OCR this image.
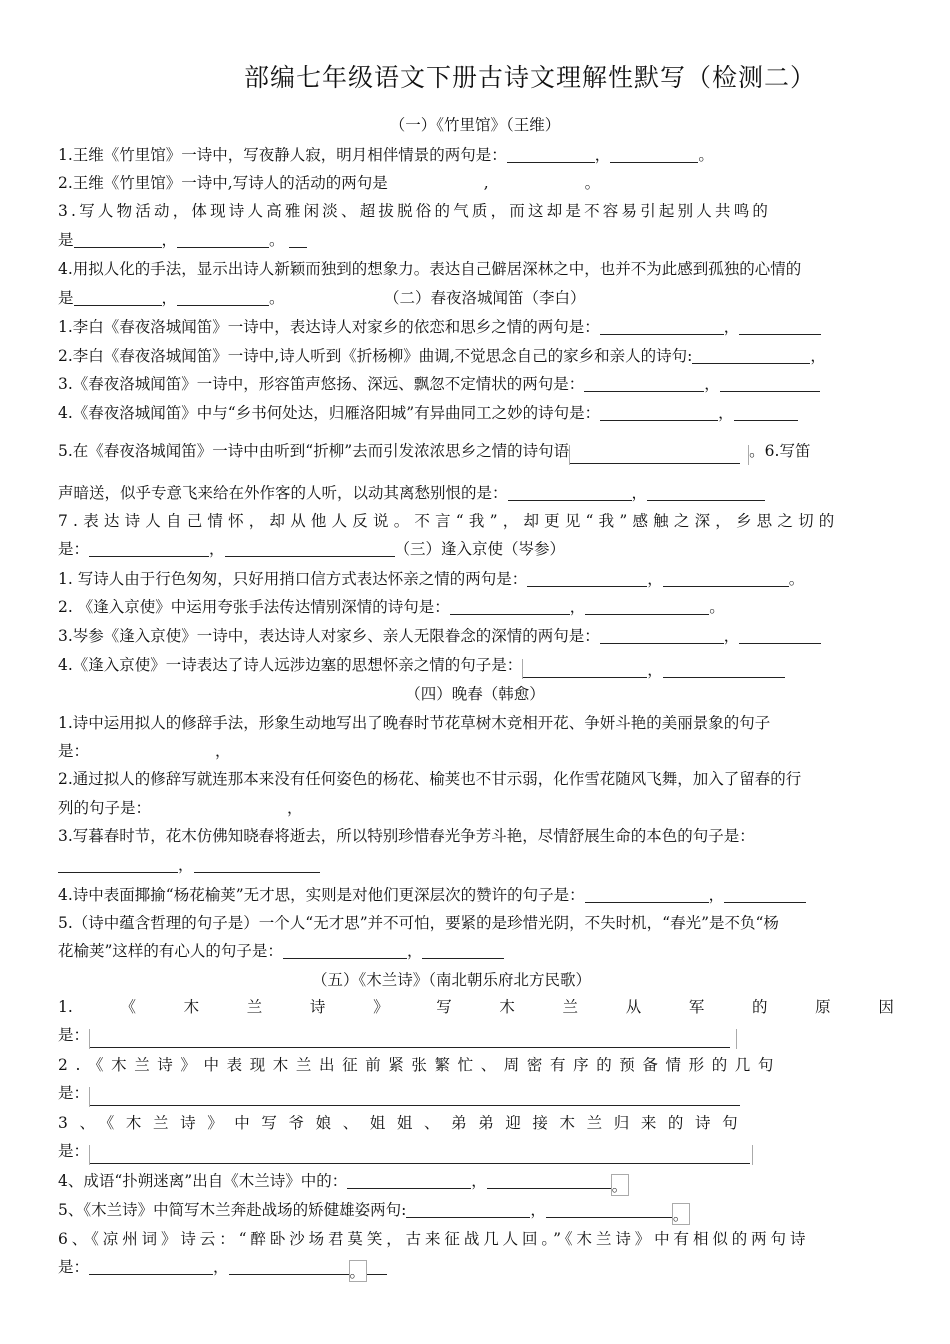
部编七年级语文下册古诗文理解性默写（检测二）
（一）《竹里馆》（王维）
1.王维《竹里馆》一诗中，写夜静人寂，明月相伴情景的两句是：	，	。
2.王维《竹里馆》一诗中,写诗人的活动的两句是	,	。
3.写人物活动，体现诗人高雅闲淡、超拔脱俗的气质，而这却是不容易引起别人共鸣的
是	，	。
4.用拟人化的手法，显示出诗人新颖而独到的想象力。表达自己僻居深林之中，也并不为此感到孤独的心情的
是	，	。	（二）春夜洛城闻笛（李白）
1.李白《春夜洛城闻笛》一诗中，表达诗人对家乡的依恋和思乡之情的两句是：	，
2.李白《春夜洛城闻笛》一诗中,诗人听到《折杨柳》曲调,不觉思念自己的家乡和亲人的诗句:	，
3.《春夜洛城闻笛》一诗中，形容笛声悠扬、深远、飘忽不定情状的两句是：	，
4.《春夜洛城闻笛》中与“乡书何处达，归雁洛阳城”有异曲同工之妙的诗句是：	，
5.在《春夜洛城闻笛》一诗中由听到“折柳”去而引发浓浓思乡之情的诗句语	。6.写笛
声暗送，似乎专意飞来给在外作客的人听，以动其离愁别恨的是：	，
7.表达诗人自己情怀，却从他人反说。不言“我”，却更见“我”感触之深，乡思之切的
是：	，	（三）逢入京使（岑参）
1. 写诗人由于行色匆匆，只好用捎口信方式表达怀亲之情的两句是：	，	。
2. 《逢入京使》中运用夸张手法传达情别深情的诗句是：	，	。
3.岑参《逢入京使》一诗中，表达诗人对家乡、亲人无限眷念的深情的两句是：	，
4.《逢入京使》一诗表达了诗人远涉边塞的思想怀亲之情的句子是：	，
（四）晚春（韩愈）
1.诗中运用拟人的修辞手法，形象生动地写出了晚春时节花草树木竞相开花、争妍斗艳的美丽景象的句子
是：	，
2.通过拟人的修辞写就连那本来没有任何姿色的杨花、榆荚也不甘示弱，化作雪花随风飞舞，加入了留春的行
列的句子是：	，
3.写暮春时节，花木仿佛知晓春将逝去，所以特别珍惜春光争芳斗艳，尽情舒展生命的本色的句子是：
，
4.诗中表面揶揄“杨花榆荚”无才思，实则是对他们更深层次的赞许的句子是：	，
5.（诗中蕴含哲理的句子是）一个人“无才思”并不可怕，要紧的是珍惜光阴，不失时机，“春光”是不负“杨
花榆荚”这样的有心人的句子是：	，
（五）《木兰诗》（南北朝乐府北方民歌）
1.	《	木	兰	诗	》	写	木	兰	从	军	的	原	因
是：
2.《木兰诗》中表现木兰出征前紧张繁忙、周密有序的预备情形的几句
是：
3、《木兰诗》中写爷娘、姐姐、弟弟迎接木兰归来的诗句
是：
4、成语“扑朔迷离”出自《木兰诗》中的：	，	。
5、《木兰诗》中简写木兰奔赴战场的矫健雄姿两句:	，	。
6、《凉州词》诗云：“醉卧沙场君莫笑，古来征战几人回。”《木兰诗》中有相似的两句诗
是：	，	。
